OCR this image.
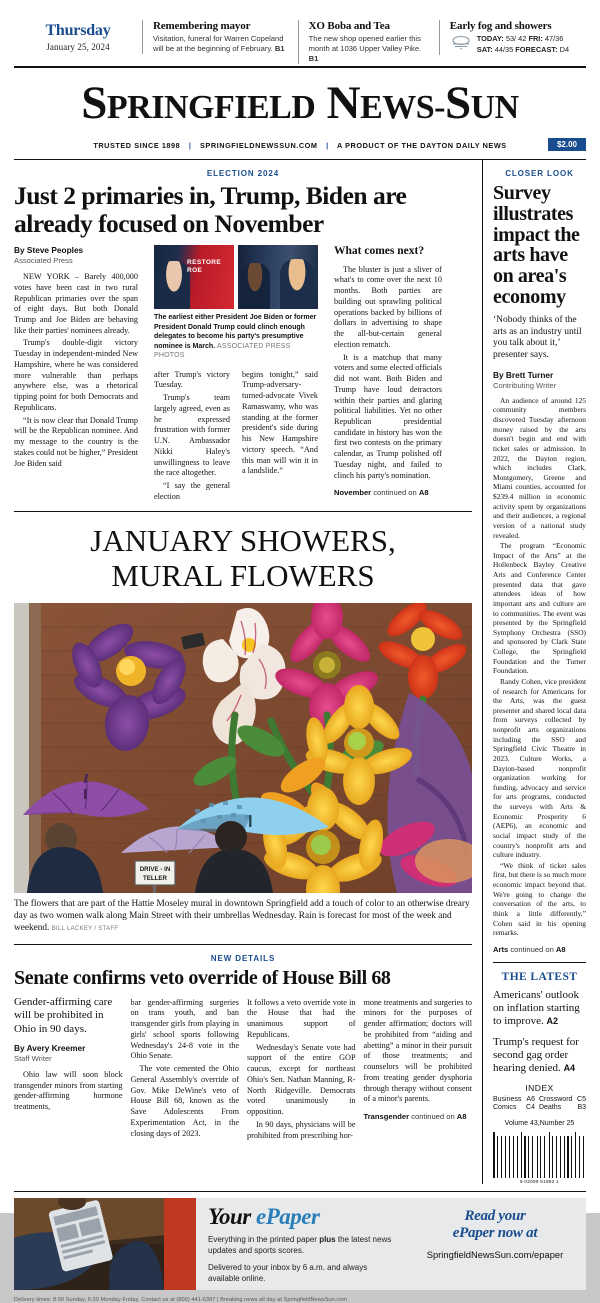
Thursday
January 25, 2024
Remembering mayor
Visitation, funeral for Warren Copeland will be at the beginning of February. B1
XO Boba and Tea
The new shop opened earlier this month at 1036 Upper Valley Pike. B1
Early fog and showers
TODAY: 53/ 42 FRI: 47/36
SAT: 44/35 FORECAST: D4
SPRINGFIELD NEWS-SUN
TRUSTED SINCE 1898 | SPRINGFIELDNEWSSUN.COM | A PRODUCT OF THE DAYTON DAILY NEWS	$2.00
ELECTION 2024
Just 2 primaries in, Trump, Biden are already focused on November
By Steve Peoples
Associated Press

NEW YORK – Barely 400,000 votes have been cast in two rural Republican primaries over the span of eight days. But both Donald Trump and Joe Biden are behaving like their parties' nominees already.

Trump's double-digit victory Tuesday in independent-minded New Hampshire, where he was considered more vulnerable than perhaps anywhere else, was a rhetorical tipping point for both Democrats and Republicans.

“It is now clear that Donald Trump will be the Republican nominee. And my message to the country is the stakes could not be higher,” President Joe Biden said

RESTORE ROE
The earliest either President Joe Biden or former President Donald Trump could clinch enough delegates to become his party's presumptive nominee is March. ASSOCIATED PRESS PHOTOS

after Trump's victory Tuesday.

Trump's team largely agreed, even as he expressed frustration with former U.N. Ambassador Nikki Haley's unwillingness to leave the race altogether.

“I say the general election

begins tonight,” said Trump-adversary-turned-advocate Vivek Ramaswamy, who was standing at the former president's side during his New Hampshire victory speech. “And this man will win it in a landslide.”

What comes next?

The bluster is just a sliver of what's to come over the next 10 months. Both parties are building out sprawling political operations backed by billions of dollars in advertising to shape the all-but-certain general election rematch.

It is a matchup that many voters and some elected officials did not want. Both Biden and Trump have loud detractors within their parties and glaring political liabilities. Yet no other Republican presidential candidate in history has won the first two contests on the primary calendar, as Trump polished off Tuesday night, and failed to clinch his party's nomination.

November continued on A8
JANUARY SHOWERS,
MURAL FLOWERS
DRIVE - IN
TELLER
The flowers that are part of the Hattie Moseley mural in downtown Springfield add a touch of color to an otherwise dreary day as two women walk along Main Street with their umbrellas Wednesday. Rain is forecast for most of the week and weekend. BILL LACKEY / STAFF
NEW DETAILS
Senate confirms veto override of House Bill 68
Gender-affirming care will be prohibited in Ohio in 90 days.
By Avery Kreemer
Staff Writer

Ohio law will soon block transgender minors from starting gender-affirming hormone treatments,

bar gender-affirming surgeries on trans youth, and ban transgender girls from playing in girls' school sports following Wednesday's 24-8 vote in the Ohio Senate.

The vote cemented the Ohio General Assembly's override of Gov. Mike DeWine's veto of House Bill 68, known as the Save Adolescents From Experimentation Act, in the closing days of 2023.

It follows a veto override vote in the House that had the unanimous support of Republicans.

Wednesday's Senate vote had support of the entire GOP caucus, except for northeast Ohio's Sen. Nathan Manning, R-North Ridgeville. Democrats voted unanimously in opposition.

In 90 days, physicians will be prohibited from prescribing hor-

mone treatments and surgeries to minors for the purposes of gender affirmation; doctors will be prohibited from “aiding and abetting” a minor in their pursuit of those treatments; and counselors will be prohibited from treating gender dysphoria through therapy without consent of a minor's parents.

Transgender continued on A8
CLOSER LOOK
Survey illustrates impact the arts have on area's economy
‘Nobody thinks of the arts as an industry until you talk about it,’ presenter says.
By Brett Turner
Contributing Writer

An audience of around 125 community members discovered Tuesday afternoon money raised by the arts doesn't begin and end with ticket sales or admission. In 2022, the Dayton region, which includes Clark, Montgomery, Greene and Miami counties, accounted for $239.4 million in economic activity spent by organizations and their audiences, a regional version of a national study revealed.

The program “Economic Impact of the Arts” at the Hollenbeck Bayley Creative Arts and Conference Center presented data that gave attendees ideas of how important arts and culture are to communities. The event was presented by the Springfield Symphony Orchestra (SSO) and sponsored by Clark State College, the Springfield Foundation and the Turner Foundation.

Randy Cohen, vice president of research for Americans for the Arts, was the guest presenter and shared local data from surveys collected by nonprofit arts organizations including the SSO and Springfield Civic Theatre in 2023. Culture Works, a Dayton-based nonprofit organization working for funding, advocacy and service for arts programs, conducted the surveys with Arts & Economic Prosperity 6 (AEP6), an economic and social impact study of the country's nonprofit arts and culture industry.

“We think of ticket sales first, but there is so much more economic impact beyond that. We're going to change the conversation of the arts, to think a little differently,” Cohen said in his opening remarks.

Arts continued on A8
THE LATEST
Americans' outlook on inflation starting to improve. A2
Trump's request for second gag order hearing denied. A4
INDEX
Business A6 Crossword C5
Comics	C4 Deaths	B3
Volume 43,Number 25
8 02099 51982 1
Your ePaper
Everything in the printed paper plus the latest news updates and sports scores.

Delivered to your inbox by 6 a.m. and always available online.

Read your
ePaper now at
SpringfieldNewsSun.com/epaper
Delivery times: 8:00 Sunday, 6:30 Monday-Friday. Contact us at (800) 441-6397 | Breaking news all day at SpringfieldNewsSun.com
